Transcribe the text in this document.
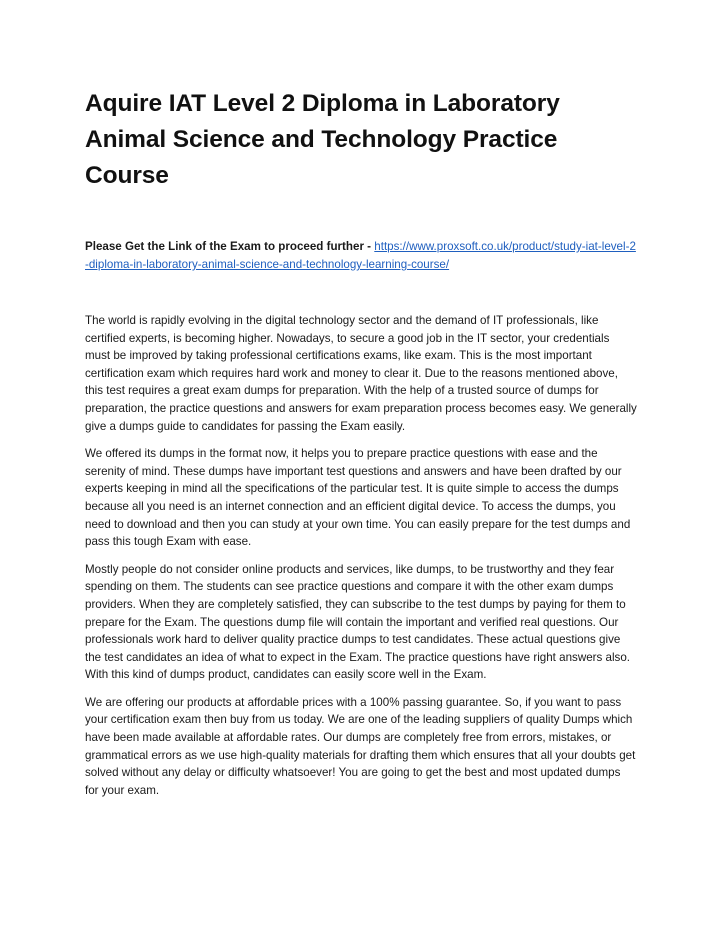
Aquire IAT Level 2 Diploma in Laboratory Animal Science and Technology Practice Course
Please Get the Link of the Exam to proceed further - https://www.proxsoft.co.uk/product/study-iat-level-2-diploma-in-laboratory-animal-science-and-technology-learning-course/

The world is rapidly evolving in the digital technology sector and the demand of IT professionals, like certified experts, is becoming higher. Nowadays, to secure a good job in the IT sector, your credentials must be improved by taking professional certifications exams, like exam. This is the most important certification exam which requires hard work and money to clear it. Due to the reasons mentioned above, this test requires a great exam dumps for preparation. With the help of a trusted source of dumps for preparation, the practice questions and answers for exam preparation process becomes easy. We generally give a dumps guide to candidates for passing the Exam easily.

We offered its dumps in the format now, it helps you to prepare practice questions with ease and the serenity of mind. These dumps have important test questions and answers and have been drafted by our experts keeping in mind all the specifications of the particular test. It is quite simple to access the dumps because all you need is an internet connection and an efficient digital device. To access the dumps, you need to download and then you can study at your own time. You can easily prepare for the test dumps and pass this tough Exam with ease.

Mostly people do not consider online products and services, like dumps, to be trustworthy and they fear spending on them. The students can see practice questions and compare it with the other exam dumps providers. When they are completely satisfied, they can subscribe to the test dumps by paying for them to prepare for the Exam. The questions dump file will contain the important and verified real questions. Our professionals work hard to deliver quality practice dumps to test candidates. These actual questions give the test candidates an idea of what to expect in the Exam. The practice questions have right answers also. With this kind of dumps product, candidates can easily score well in the Exam.

We are offering our products at affordable prices with a 100% passing guarantee. So, if you want to pass your certification exam then buy from us today. We are one of the leading suppliers of quality Dumps which have been made available at affordable rates. Our dumps are completely free from errors, mistakes, or grammatical errors as we use high-quality materials for drafting them which ensures that all your doubts get solved without any delay or difficulty whatsoever! You are going to get the best and most updated dumps for your exam.
